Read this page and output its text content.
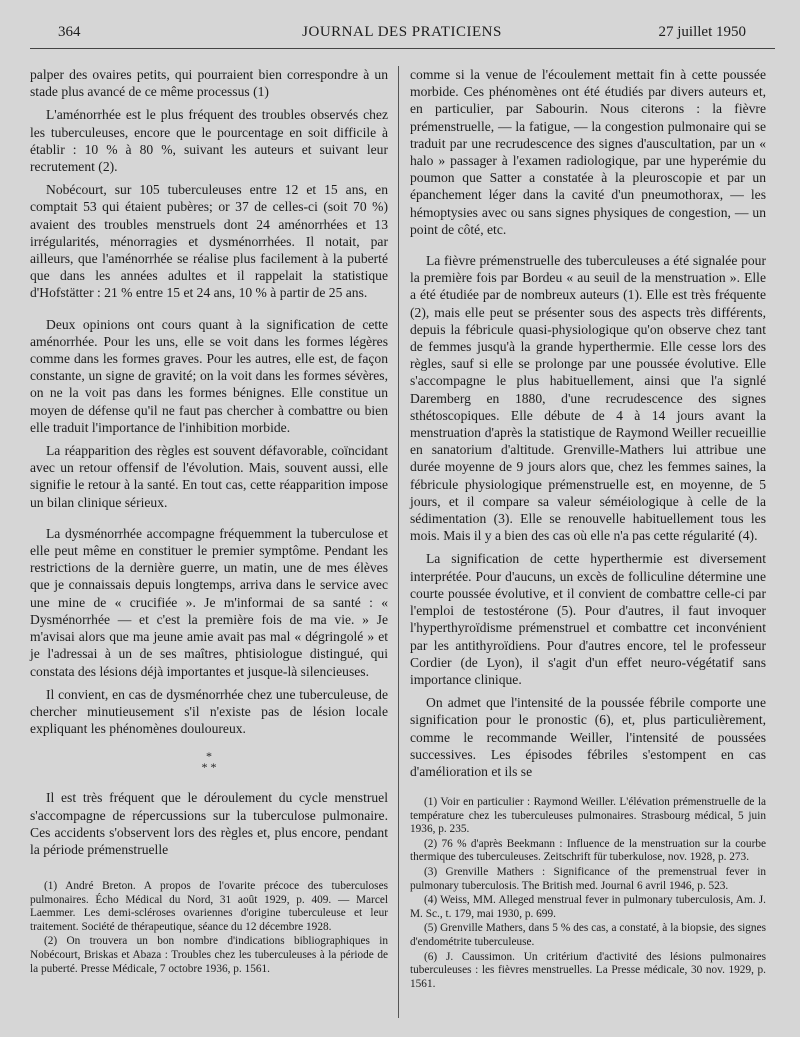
364	JOURNAL DES PRATICIENS	27 juillet 1950

palper des ovaires petits, qui pourraient bien correspondre à un stade plus avancé de ce même processus (1)

L'aménorrhée est le plus fréquent des troubles observés chez les tuberculeuses, encore que le pourcentage en soit difficile à établir : 10 % à 80 %, suivant les auteurs et suivant leur recrutement (2).

Nobécourt, sur 105 tuberculeuses entre 12 et 15 ans, en comptait 53 qui étaient pubères; or 37 de celles-ci (soit 70 %) avaient des troubles menstruels dont 24 aménorrhées et 13 irrégularités, ménorragies et dysménorrhées. Il notait, par ailleurs, que l'aménorrhée se réalise plus facilement à la puberté que dans les années adultes et il rappelait la statistique d'Hofstätter : 21 % entre 15 et 24 ans, 10 % à partir de 25 ans.

Deux opinions ont cours quant à la signification de cette aménorrhée. Pour les uns, elle se voit dans les formes légères comme dans les formes graves. Pour les autres, elle est, de façon constante, un signe de gravité; on la voit dans les formes sévères, on ne la voit pas dans les formes bénignes. Elle constitue un moyen de défense qu'il ne faut pas chercher à combattre ou bien elle traduit l'importance de l'inhibition morbide.

La réapparition des règles est souvent défavorable, coïncidant avec un retour offensif de l'évolution. Mais, souvent aussi, elle signifie le retour à la santé. En tout cas, cette réapparition impose un bilan clinique sérieux.

La dysménorrhée accompagne fréquemment la tuberculose et elle peut même en constituer le premier symptôme. Pendant les restrictions de la dernière guerre, un matin, une de mes élèves que je connaissais depuis longtemps, arriva dans le service avec une mine de « crucifiée ». Je m'informai de sa santé : « Dysménorrhée — et c'est la première fois de ma vie. » Je m'avisai alors que ma jeune amie avait pas mal « dégringolé » et je l'adressai à un de ses maîtres, phtisiologue distingué, qui constata des lésions déjà importantes et jusque-là silencieuses.

Il convient, en cas de dysménorrhée chez une tuberculeuse, de chercher minutieusement s'il n'existe pas de lésion locale expliquant les phénomènes douloureux.

*
* *

Il est très fréquent que le déroulement du cycle menstruel s'accompagne de répercussions sur la tuberculose pulmonaire. Ces accidents s'observent lors des règles et, plus encore, pendant la période prémenstruelle

comme si la venue de l'écoulement mettait fin à cette poussée morbide. Ces phénomènes ont été étudiés par divers auteurs et, en particulier, par Sabourin. Nous citerons : la fièvre prémenstruelle, — la fatigue, — la congestion pulmonaire qui se traduit par une recrudescence des signes d'auscultation, par un « halo » passager à l'examen radiologique, par une hyperémie du poumon que Satter a constatée à la pleuroscopie et par un épanchement léger dans la cavité d'un pneumothorax, — les hémoptysies avec ou sans signes physiques de congestion, — un point de côté, etc.

La fièvre prémenstruelle des tuberculeuses a été signalée pour la première fois par Bordeu « au seuil de la menstruation ». Elle a été étudiée par de nombreux auteurs (1). Elle est très fréquente (2), mais elle peut se présenter sous des aspects très différents, depuis la fébricule quasi-physiologique qu'on observe chez tant de femmes jusqu'à la grande hyperthermie. Elle cesse lors des règles, sauf si elle se prolonge par une poussée évolutive. Elle s'accompagne le plus habituellement, ainsi que l'a signlé Daremberg en 1880, d'une recrudescence des signes sthétoscopiques. Elle débute de 4 à 14 jours avant la menstruation d'après la statistique de Raymond Weiller recueillie en sanatorium d'altitude. Grenville-Mathers lui attribue une durée moyenne de 9 jours alors que, chez les femmes saines, la fébricule physiologique prémenstruelle est, en moyenne, de 5 jours, et il compare sa valeur séméiologique à celle de la sédimentation (3). Elle se renouvelle habituellement tous les mois. Mais il y a bien des cas où elle n'a pas cette régularité (4).

La signification de cette hyperthermie est diversement interprétée. Pour d'aucuns, un excès de folliculine détermine une courte poussée évolutive, et il convient de combattre celle-ci par l'emploi de testostérone (5). Pour d'autres, il faut invoquer l'hyperthyroïdisme prémenstruel et combattre cet inconvénient par les antithyroïdiens. Pour d'autres encore, tel le professeur Cordier (de Lyon), il s'agit d'un effet neuro-végétatif sans importance clinique.

On admet que l'intensité de la poussée fébrile comporte une signification pour le pronostic (6), et, plus particulièrement, comme le recommande Weiller, l'intensité de poussées successives. Les épisodes fébriles s'estompent en cas d'amélioration et ils se

(1) André Breton. A propos de l'ovarite précoce des tuberculoses pulmonaires. Écho Médical du Nord, 31 août 1929, p. 409. — Marcel Laemmer. Les demi-scléroses ovariennes d'origine tuberculeuse et leur traitement. Société de thérapeutique, séance du 12 décembre 1928.

(2) On trouvera un bon nombre d'indications bibliographiques in Nobécourt, Briskas et Abaza : Troubles chez les tuberculeuses à la période de la puberté. Presse Médicale, 7 octobre 1936, p. 1561.

(1) Voir en particulier : Raymond Weiller. L'élévation prémenstruelle de la température chez les tuberculeuses pulmonaires. Strasbourg médical, 5 juin 1936, p. 235.

(2) 76 % d'après Beekmann : Influence de la menstruation sur la courbe thermique des tuberculeuses. Zeitschrift für tuberkulose, nov. 1928, p. 273.

(3) Grenville Mathers : Significance of the premenstrual fever in pulmonary tuberculosis. The British med. Journal 6 avril 1946, p. 523.

(4) Weiss, MM. Alleged menstrual fever in pulmonary tuberculosis, Am. J. M. Sc., t. 179, mai 1930, p. 699.

(5) Grenville Mathers, dans 5 % des cas, a constaté, à la biopsie, des signes d'endométrite tuberculeuse.

(6) J. Caussimon. Un critérium d'activité des lésions pulmonaires tuberculeuses : les fièvres menstruelles. La Presse médicale, 30 nov. 1929, p. 1561.
